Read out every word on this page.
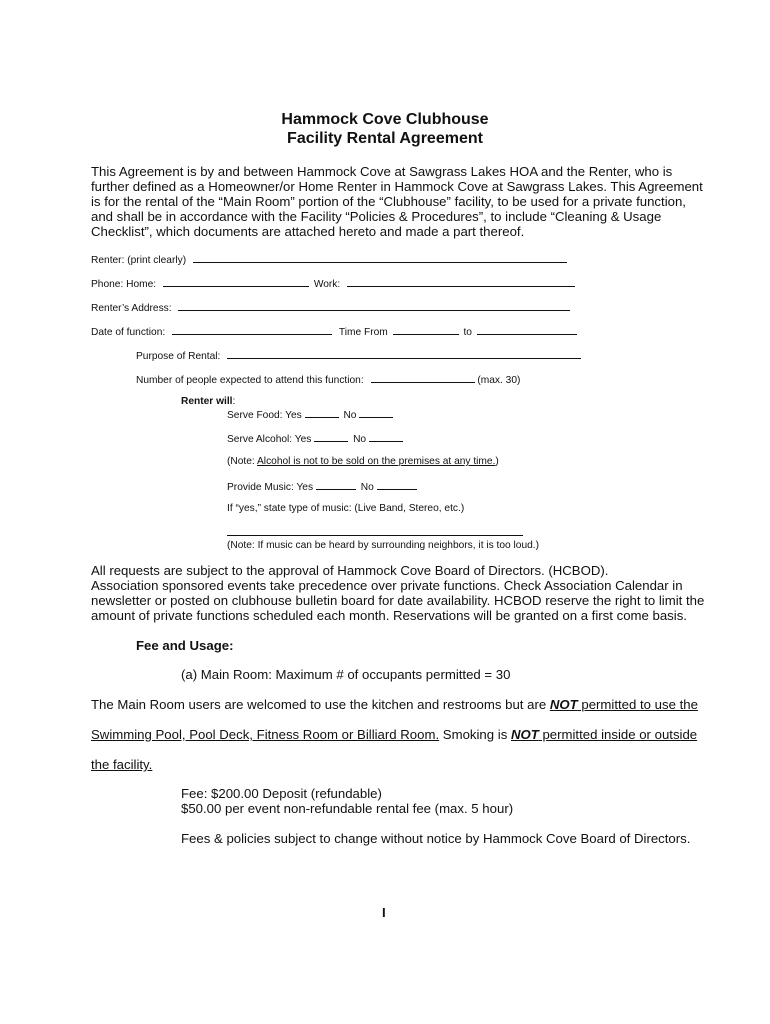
Hammock Cove Clubhouse
Facility Rental Agreement
This Agreement is by and between Hammock Cove at Sawgrass Lakes HOA and the Renter, who is
further defined as a Homeowner/or Home Renter in Hammock Cove at Sawgrass Lakes. This Agreement
is for the rental of the “Main Room” portion of the “Clubhouse” facility, to be used for a private function,
and shall be in accordance with the Facility “Policies & Procedures”, to include “Cleaning & Usage
Checklist”, which documents are attached hereto and made a part thereof.
Renter: (print clearly)
Phone: Home:	Work:
Renter’s Address:
Date of function:	Time From	to
Purpose of Rental:
Number of people expected to attend this function:	(max. 30)
Renter will:
Serve Food: Yes	No
Serve Alcohol: Yes	No
(Note: Alcohol is not to be sold on the premises at any time.)
Provide Music: Yes	No
If “yes,” state type of music: (Live Band, Stereo, etc.)
(Note: If music can be heard by surrounding neighbors, it is too loud.)
All requests are subject to the approval of Hammock Cove Board of Directors. (HCBOD).
Association sponsored events take precedence over private functions. Check Association Calendar in
newsletter or posted on clubhouse bulletin board for date availability. HCBOD reserve the right to limit the
amount of private functions scheduled each month. Reservations will be granted on a first come basis.
Fee and Usage:
(a) Main Room: Maximum # of occupants permitted = 30
The Main Room users are welcomed to use the kitchen and restrooms but are NOT permitted to use the
Swimming Pool, Pool Deck, Fitness Room or Billiard Room. Smoking is NOT permitted inside or outside
the facility.
Fee: $200.00 Deposit (refundable)
$50.00 per event non-refundable rental fee (max. 5 hour)
Fees & policies subject to change without notice by Hammock Cove Board of Directors.
I
